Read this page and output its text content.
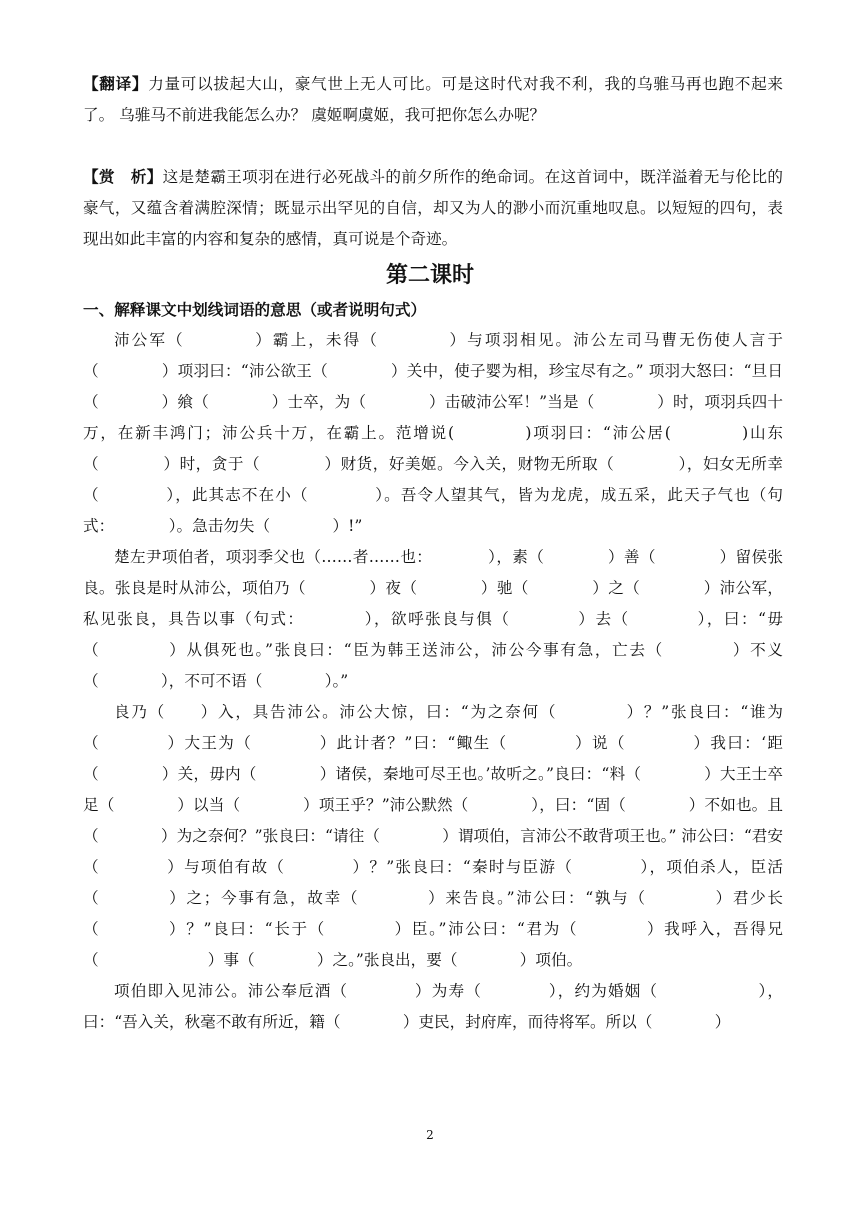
【翻译】力量可以拔起大山，豪气世上无人可比。可是这时代对我不利，我的乌骓马再也跑不起来了。 乌骓马不前进我能怎么办？ 虞姬啊虞姬，我可把你怎么办呢？

【赏　析】这是楚霸王项羽在进行必死战斗的前夕所作的绝命词。在这首词中，既洋溢着无与伦比的豪气，又蕴含着满腔深情；既显示出罕见的自信，却又为人的渺小而沉重地叹息。以短短的四句，表现出如此丰富的内容和复杂的感情，真可说是个奇迹。

第二课时
一、解释课文中划线词语的意思（或者说明句式）

沛公军（　　　　）霸上，未得（　　　　）与项羽相见。沛公左司马曹无伤使人言于（　　　　）项羽曰：“沛公欲王（　　　　）关中，使子婴为相，珍宝尽有之。” 项羽大怒曰：“旦日（　　　　）飨（　　　　）士卒，为（　　　　）击破沛公军！”当是（　　　　）时，项羽兵四十万，在新丰鸿门；沛公兵十万，在霸上。范增说(　　　　)项羽曰：“沛公居(　　　　)山东（　　　　）时，贪于（　　　　）财货，好美姬。今入关，财物无所取（　　　　），妇女无所幸（　　　　），此其志不在小（　　　　）。吾令人望其气，皆为龙虎，成五采，此天子气也（句式：　　　　）。急击勿失（　　　　）!”

楚左尹项伯者，项羽季父也（……者……也：　　　　），素（　　　　）善（　　　　）留侯张良。张良是时从沛公，项伯乃（　　　　）夜（　　　　）驰（　　　　）之（　　　　）沛公军，私见张良，具告以事（句式：　　　　），欲呼张良与俱（　　　　）去（　　　　），曰：“毋（　　　　）从俱死也。”张良曰：“臣为韩王送沛公，沛公今事有急，亡去（　　　　）不义（　　　　），不可不语（　　　　）。”

良乃（　　）入，具告沛公。沛公大惊，曰：“为之奈何（　　　　）？”张良曰：“谁为（　　　　）大王为（　　　　）此计者？”曰：“鲰生（　　　　）说（　　　　）我曰：‘距（　　　　）关，毋内（　　　　）诸侯，秦地可尽王也。’故听之。”良曰：“料（　　　　）大王士卒足（　　　　）以当（　　　　）项王乎？”沛公默然（　　　　），曰：“固（　　　　）不如也。且（　　　　）为之奈何？”张良曰：“请往（　　　　）谓项伯，言沛公不敢背项王也。” 沛公曰：“君安（　　　　）与项伯有故（　　　　）？”张良曰：“秦时与臣游（　　　　），项伯杀人，臣活（　　　　）之；今事有急，故幸（　　　　）来告良。”沛公曰：“孰与（　　　　）君少长（　　　　）？”良曰：“长于（　　　　）臣。”沛公曰：“君为（　　　　）我呼入，吾得兄（　　　　　　　）事（　　　　）之。”张良出，要（　　　　）项伯。

项伯即入见沛公。沛公奉卮酒（　　　　）为寿（　　　　），约为婚姻（　　　　　　），曰：“吾入关，秋毫不敢有所近，籍（　　　　）吏民，封府库，而待将军。所以（　　　　）

2
